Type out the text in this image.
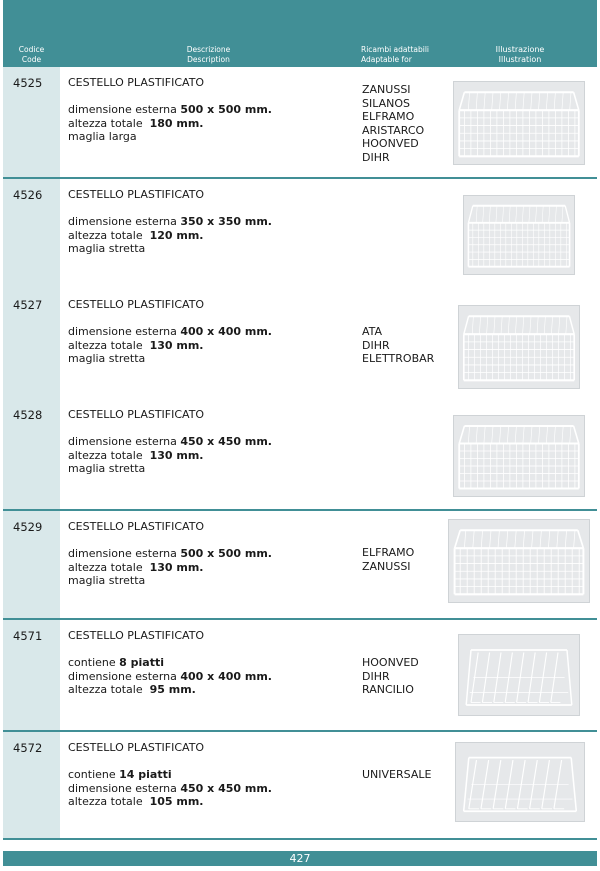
Codice
Code
Descrizione
Description
Ricambi adattabili
Adaptable for
Illustrazione
Illustration
4525 CESTELLO PLASTIFICATO
dimensione esterna 500 x 500 mm.
altezza totale 180 mm.
maglia larga
ZANUSSI
SILANOS
ELFRAMO
ARISTARCO
HOONVED
DIHR
4526 CESTELLO PLASTIFICATO
dimensione esterna 350 x 350 mm.
altezza totale 120 mm.
maglia stretta
4527 CESTELLO PLASTIFICATO
dimensione esterna 400 x 400 mm.
altezza totale 130 mm.
maglia stretta
ATA
DIHR
ELETTROBAR
4528 CESTELLO PLASTIFICATO
dimensione esterna 450 x 450 mm.
altezza totale 130 mm.
maglia stretta
4529 CESTELLO PLASTIFICATO
dimensione esterna 500 x 500 mm.
altezza totale 130 mm.
maglia stretta
ELFRAMO
ZANUSSI
4571 CESTELLO PLASTIFICATO
contiene 8 piatti
dimensione esterna 400 x 400 mm.
altezza totale 95 mm.
HOONVED
DIHR
RANCILIO
4572 CESTELLO PLASTIFICATO
contiene 14 piatti
dimensione esterna 450 x 450 mm.
altezza totale 105 mm.
UNIVERSALE
427
